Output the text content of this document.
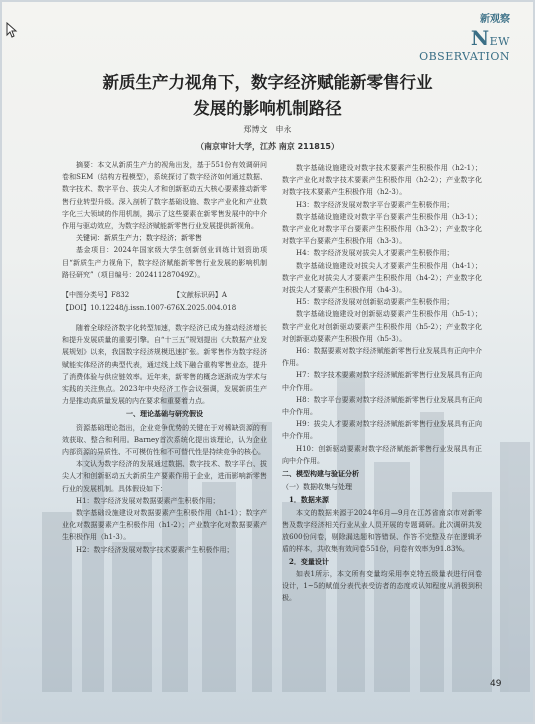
新观察
NEW OBSERVATION
新质生产力视角下，数字经济赋能新零售行业
发展的影响机制路径
郑博文　申永
（南京审计大学，江苏 南京 211815）

摘要：本文从新质生产力的视角出发，基于551份有效调研问卷和SEM（结构方程模型），系统探讨了数字经济如何通过数据、数字技术、数字平台、拔尖人才和创新驱动五大核心要素推动新零售行业转型升级。深入剖析了数字基础设施、数字产业化和产业数字化三大领域的作用机制，揭示了这些要素在新零售发展中的中介作用与驱动效应，为数字经济赋能新零售行业发展提供新视角。

关键词：新质生产力；数字经济；新零售

基金项目：2024年国家级大学生创新创业训练计划资助项目“新质生产力视角下，数字经济赋能新零售行业发展的影响机制路径研究”（项目编号：202411287049Z）。

【中图分类号】F832	【文献标识码】A
【DOI】10.12248/j.issn.1007-676X.2025.004.018

随着全球经济数字化转型加速，数字经济已成为推动经济增长和提升发展质量的重要引擎。自“十三五”规划提出《大数据产业发展规划》以来，我国数字经济规模迅速扩张。新零售作为数字经济赋能实体经济的典型代表，通过线上线下融合重构零售业态，提升了消费体验与供应链效率。近年来，新零售的概念逐渐成为学术与实践的关注焦点。2023年中央经济工作会议强调，发展新质生产力是推动高质量发展的内在要求和重要着力点。

一、理论基础与研究假设

资源基础理论指出，企业竞争优势的关键在于对稀缺资源的有效获取、整合和利用。Barney首次系统化提出该理论，认为企业内部资源的异质性、不可模仿性和不可替代性是持续竞争的核心。

本文认为数字经济的发展通过数据、数字技术、数字平台、拔尖人才和创新驱动五大新质生产要素作用于企业，进而影响新零售行业的发展机制。具体假设如下：

H1：数字经济发展对数据要素产生积极作用；

数字基础设施建设对数据要素产生积极作用（h1-1）；数字产业化对数据要素产生积极作用（h1-2）；产业数字化对数据要素产生积极作用（h1-3）。

H2：数字经济发展对数字技术要素产生积极作用；

数字基础设施建设对数字技术要素产生积极作用（h2-1）；数字产业化对数字技术要素产生积极作用（h2-2）；产业数字化对数字技术要素产生积极作用（h2-3）。

H3：数字经济发展对数字平台要素产生积极作用；

数字基础设施建设对数字平台要素产生积极作用（h3-1）；数字产业化对数字平台要素产生积极作用（h3-2）；产业数字化对数字平台要素产生积极作用（h3-3）。

H4：数字经济发展对拔尖人才要素产生积极作用；

数字基础设施建设对拔尖人才要素产生积极作用（h4-1）；数字产业化对拔尖人才要素产生积极作用（h4-2）；产业数字化对拔尖人才要素产生积极作用（h4-3）。

H5：数字经济发展对创新驱动要素产生积极作用；

数字基础设施建设对创新驱动要素产生积极作用（h5-1）；数字产业化对创新驱动要素产生积极作用（h5-2）；产业数字化对创新驱动要素产生积极作用（h5-3）。

H6：数据要素对数字经济赋能新零售行业发展具有正向中介作用。

H7：数字技术要素对数字经济赋能新零售行业发展具有正向中介作用。

H8：数字平台要素对数字经济赋能新零售行业发展具有正向中介作用。

H9：拔尖人才要素对数字经济赋能新零售行业发展具有正向中介作用。

H10：创新驱动要素对数字经济赋能新零售行业发展具有正向中介作用。

二、模型构建与验证分析

（一）数据收集与处理

1．数据来源

本文的数据来源于2024年6月—9月在江苏省南京市对新零售及数字经济相关行业从业人员开展的专题调研。此次调研共发放600份问卷，剔除漏选题和答错误、作答不完整及存在逻辑矛盾的样本，共收集有效问卷551份，问卷有效率为91.83%。

2．变量设计

如表1所示，本文所有变量均采用李克特五级量表进行问卷设计，1~5的赋值分表代表受访者的态度或认知程度从消极到积极。

49
